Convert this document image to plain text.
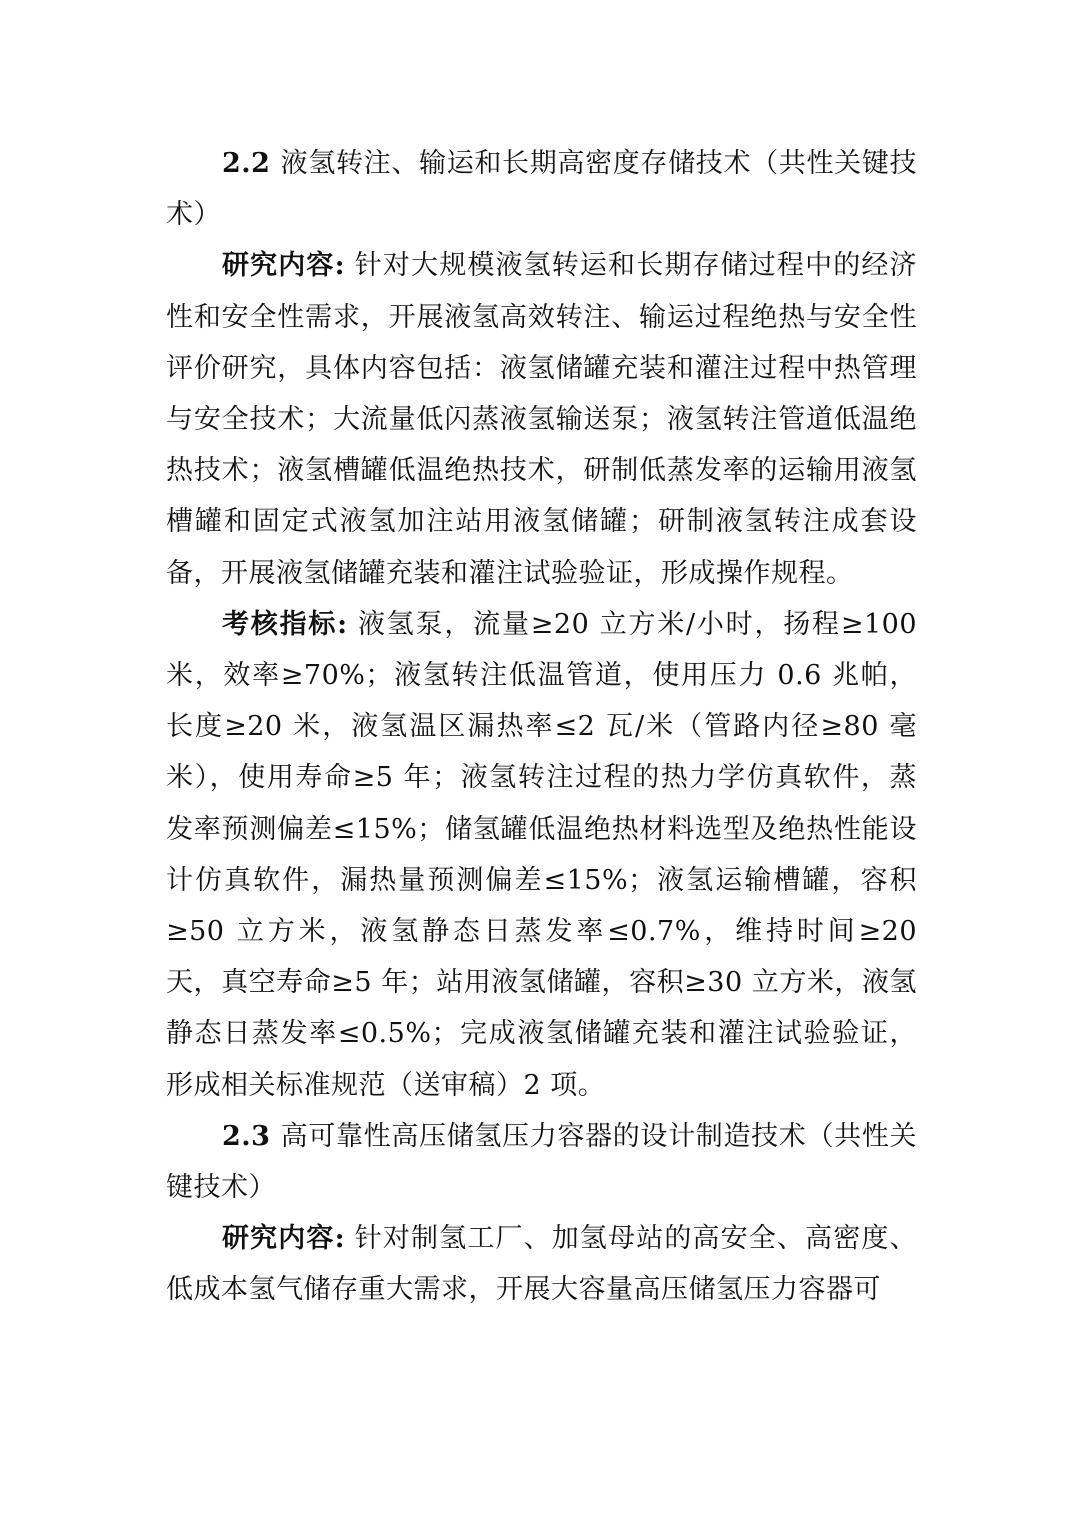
2.2 液氢转注、输运和长期高密度存储技术（共性关键技术）

研究内容: 针对大规模液氢转运和长期存储过程中的经济性和安全性需求，开展液氢高效转注、输运过程绝热与安全性评价研究，具体内容包括：液氢储罐充装和灌注过程中热管理与安全技术；大流量低闪蒸液氢输送泵；液氢转注管道低温绝热技术；液氢槽罐低温绝热技术，研制低蒸发率的运输用液氢槽罐和固定式液氢加注站用液氢储罐；研制液氢转注成套设备，开展液氢储罐充装和灌注试验验证，形成操作规程。

考核指标: 液氢泵，流量≥20 立方米/小时，扬程≥100 米，效率≥70%；液氢转注低温管道，使用压力 0.6 兆帕，长度≥20 米，液氢温区漏热率≤2 瓦/米（管路内径≥80 毫米），使用寿命≥5 年；液氢转注过程的热力学仿真软件，蒸发率预测偏差≤15%；储氢罐低温绝热材料选型及绝热性能设计仿真软件，漏热量预测偏差≤15%；液氢运输槽罐，容积≥50 立方米，液氢静态日蒸发率≤0.7%，维持时间≥20 天，真空寿命≥5 年；站用液氢储罐，容积≥30 立方米，液氢静态日蒸发率≤0.5%；完成液氢储罐充装和灌注试验验证，形成相关标准规范（送审稿）2 项。

2.3 高可靠性高压储氢压力容器的设计制造技术（共性关键技术）

研究内容: 针对制氢工厂、加氢母站的高安全、高密度、低成本氢气储存重大需求，开展大容量高压储氢压力容器可
